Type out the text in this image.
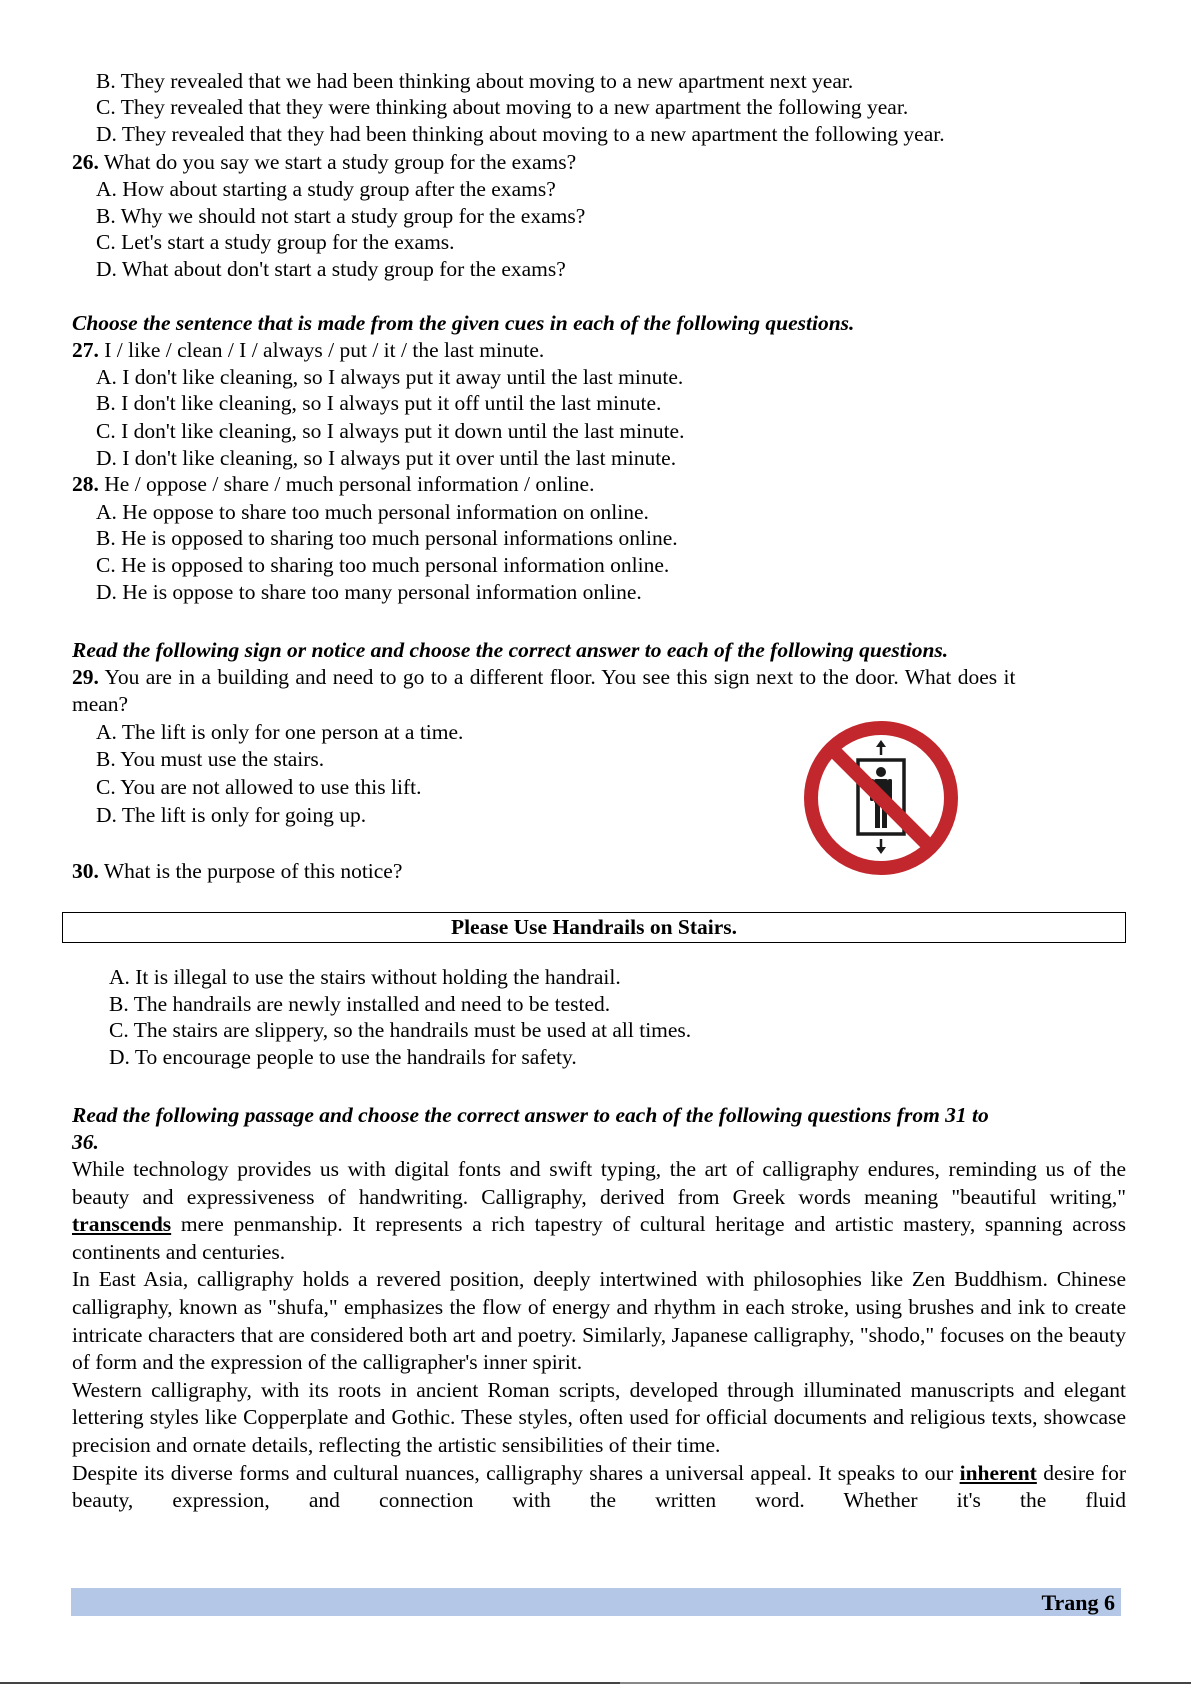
B. They revealed that we had been thinking about moving to a new apartment next year.
C. They revealed that they were thinking about moving to a new apartment the following year.
D. They revealed that they had been thinking about moving to a new apartment the following year.
26. What do you say we start a study group for the exams?
A. How about starting a study group after the exams?
B. Why we should not start a study group for the exams?
C. Let's start a study group for the exams.
D. What about don't start a study group for the exams?
Choose the sentence that is made from the given cues in each of the following questions.
27. I / like / clean / I / always / put / it / the last minute.
A. I don't like cleaning, so I always put it away until the last minute.
B. I don't like cleaning, so I always put it off until the last minute.
C. I don't like cleaning, so I always put it down until the last minute.
D. I don't like cleaning, so I always put it over until the last minute.
28. He / oppose / share / much personal information / online.
A. He oppose to share too much personal information on online.
B. He is opposed to sharing too much personal informations online.
C. He is opposed to sharing too much personal information online.
D. He is oppose to share too many personal information online.
Read the following sign or notice and choose the correct answer to each of the following questions.
29. You are in a building and need to go to a different floor. You see this sign next to the door. What does it
mean?
A. The lift is only for one person at a time.
B. You must use the stairs.
C. You are not allowed to use this lift.
D. The lift is only for going up.
30. What is the purpose of this notice?
Please Use Handrails on Stairs.
A. It is illegal to use the stairs without holding the handrail.
B. The handrails are newly installed and need to be tested.
C. The stairs are slippery, so the handrails must be used at all times.
D. To encourage people to use the handrails for safety.
Read the following passage and choose the correct answer to each of the following questions from 31 to
36.

While technology provides us with digital fonts and swift typing, the art of calligraphy endures, reminding us of the beauty and expressiveness of handwriting. Calligraphy, derived from Greek words meaning "beautiful writing," transcends mere penmanship. It represents a rich tapestry of cultural heritage and artistic mastery, spanning across continents and centuries.

In East Asia, calligraphy holds a revered position, deeply intertwined with philosophies like Zen Buddhism. Chinese calligraphy, known as "shufa," emphasizes the flow of energy and rhythm in each stroke, using brushes and ink to create intricate characters that are considered both art and poetry. Similarly, Japanese calligraphy, "shodo," focuses on the beauty of form and the expression of the calligrapher's inner spirit.

Western calligraphy, with its roots in ancient Roman scripts, developed through illuminated manuscripts and elegant lettering styles like Copperplate and Gothic. These styles, often used for official documents and religious texts, showcase precision and ornate details, reflecting the artistic sensibilities of their time.

Despite its diverse forms and cultural nuances, calligraphy shares a universal appeal. It speaks to our inherent desire for beauty, expression, and connection with the written word. Whether it's the fluid

Trang 6
